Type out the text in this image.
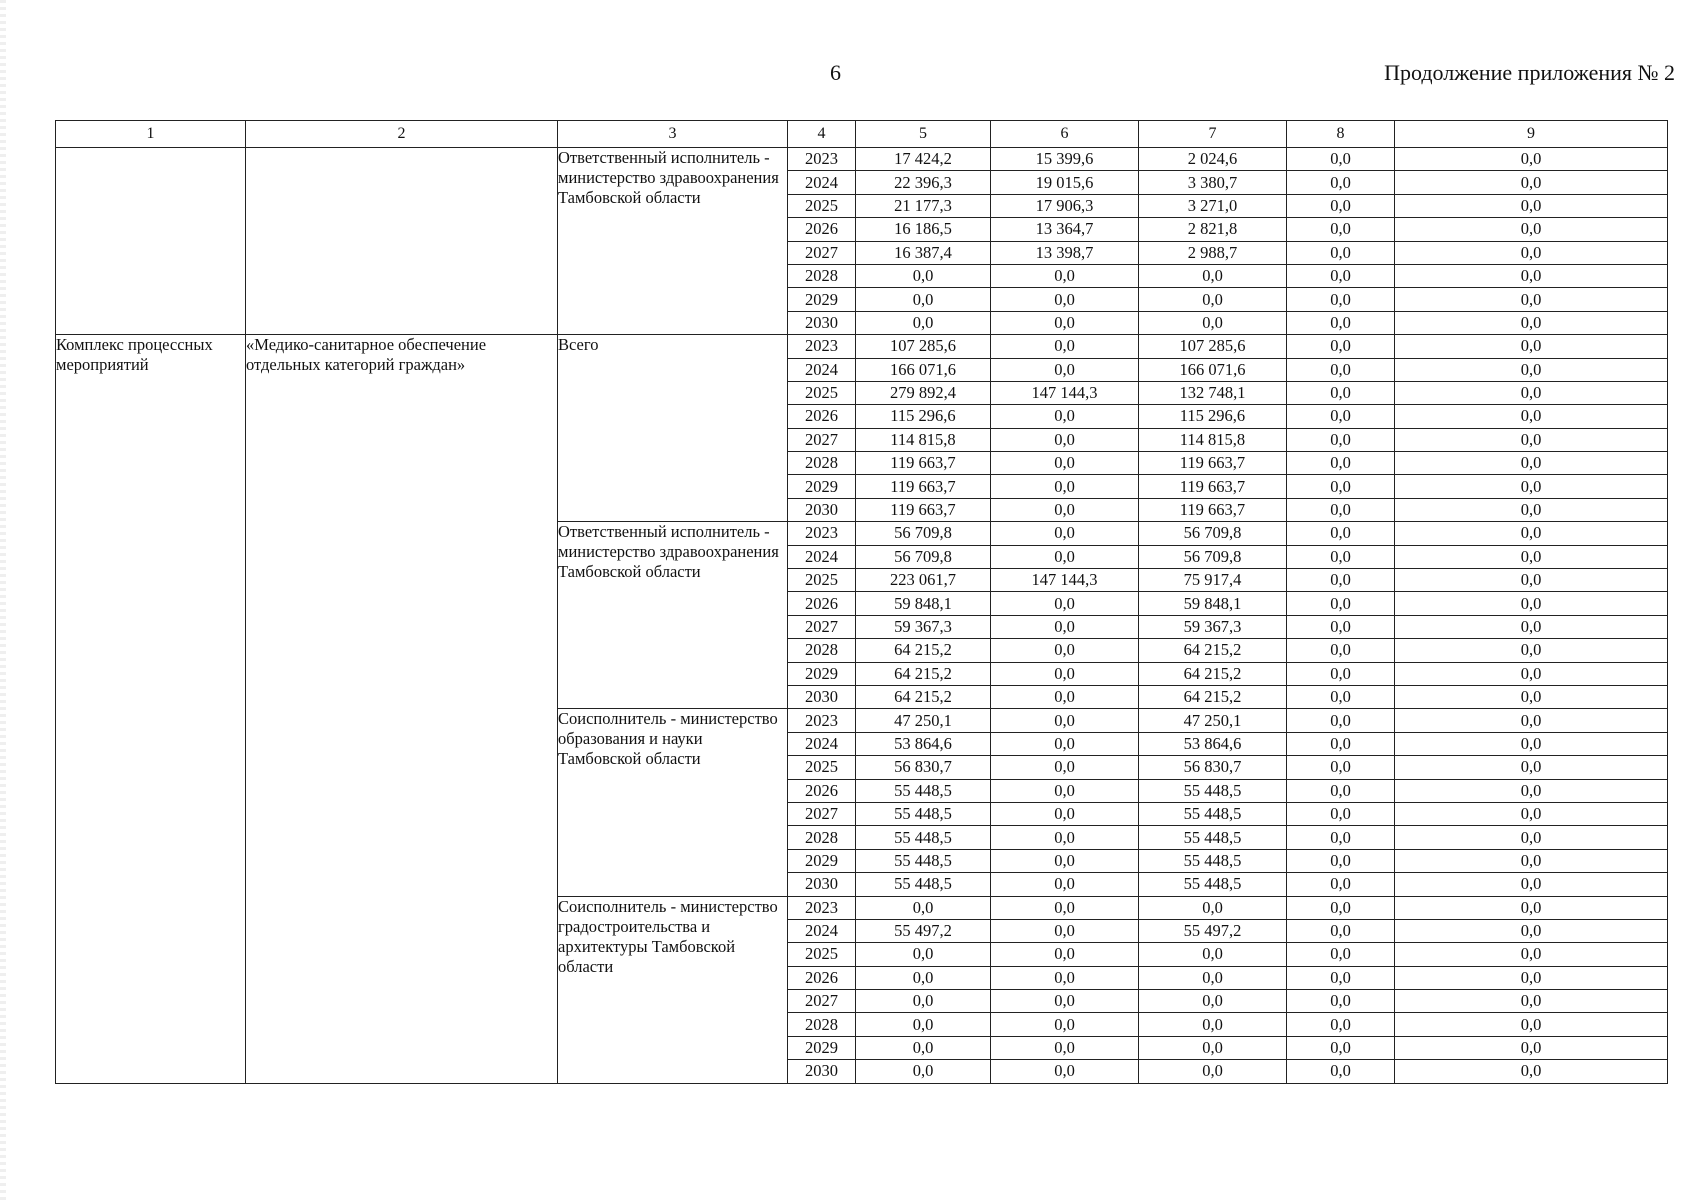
6	Продолжение приложения № 2
1	2	3	4	5	6	7	8	9
		Ответственный исполнитель - министерство здравоохранения Тамбовской области	2023	17 424,2	15 399,6	2 024,6	0,0	0,0
			2024	22 396,3	19 015,6	3 380,7	0,0	0,0
			2025	21 177,3	17 906,3	3 271,0	0,0	0,0
			2026	16 186,5	13 364,7	2 821,8	0,0	0,0
			2027	16 387,4	13 398,7	2 988,7	0,0	0,0
			2028	0,0	0,0	0,0	0,0	0,0
			2029	0,0	0,0	0,0	0,0	0,0
			2030	0,0	0,0	0,0	0,0	0,0
Комплекс процессных мероприятий	«Медико-санитарное обеспечение отдельных категорий граждан»	Всего	2023	107 285,6	0,0	107 285,6	0,0	0,0
			2024	166 071,6	0,0	166 071,6	0,0	0,0
			2025	279 892,4	147 144,3	132 748,1	0,0	0,0
			2026	115 296,6	0,0	115 296,6	0,0	0,0
			2027	114 815,8	0,0	114 815,8	0,0	0,0
			2028	119 663,7	0,0	119 663,7	0,0	0,0
			2029	119 663,7	0,0	119 663,7	0,0	0,0
			2030	119 663,7	0,0	119 663,7	0,0	0,0
		Ответственный исполнитель - министерство здравоохранения Тамбовской области	2023	56 709,8	0,0	56 709,8	0,0	0,0
			2024	56 709,8	0,0	56 709,8	0,0	0,0
			2025	223 061,7	147 144,3	75 917,4	0,0	0,0
			2026	59 848,1	0,0	59 848,1	0,0	0,0
			2027	59 367,3	0,0	59 367,3	0,0	0,0
			2028	64 215,2	0,0	64 215,2	0,0	0,0
			2029	64 215,2	0,0	64 215,2	0,0	0,0
			2030	64 215,2	0,0	64 215,2	0,0	0,0
		Соисполнитель - министерство образования и науки Тамбовской области	2023	47 250,1	0,0	47 250,1	0,0	0,0
			2024	53 864,6	0,0	53 864,6	0,0	0,0
			2025	56 830,7	0,0	56 830,7	0,0	0,0
			2026	55 448,5	0,0	55 448,5	0,0	0,0
			2027	55 448,5	0,0	55 448,5	0,0	0,0
			2028	55 448,5	0,0	55 448,5	0,0	0,0
			2029	55 448,5	0,0	55 448,5	0,0	0,0
			2030	55 448,5	0,0	55 448,5	0,0	0,0
		Соисполнитель - министерство градостроительства и архитектуры Тамбовской области	2023	0,0	0,0	0,0	0,0	0,0
			2024	55 497,2	0,0	55 497,2	0,0	0,0
			2025	0,0	0,0	0,0	0,0	0,0
			2026	0,0	0,0	0,0	0,0	0,0
			2027	0,0	0,0	0,0	0,0	0,0
			2028	0,0	0,0	0,0	0,0	0,0
			2029	0,0	0,0	0,0	0,0	0,0
			2030	0,0	0,0	0,0	0,0	0,0
